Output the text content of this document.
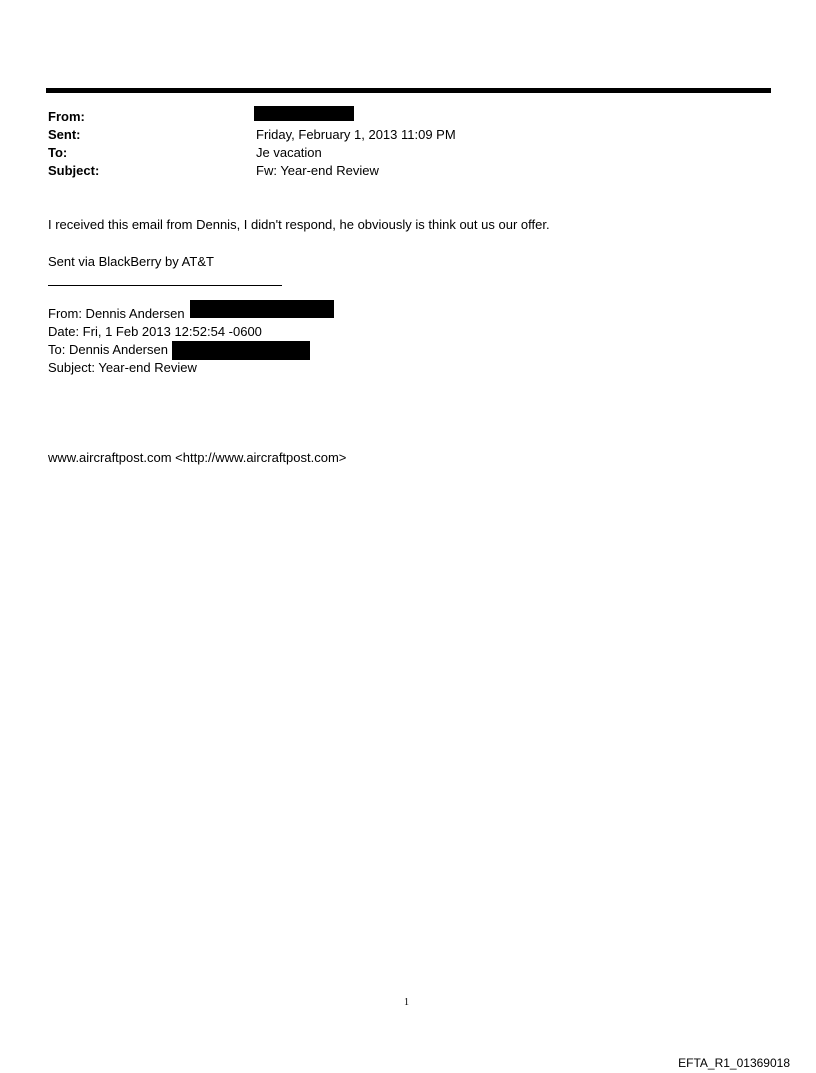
From:
Sent:	Friday, February 1, 2013 11:09 PM
To:	Je vacation
Subject:	Fw: Year-end Review
I received this email from Dennis, I didn't respond, he obviously is think out us our offer.
Sent via BlackBerry by AT&T
From: Dennis Andersen
Date: Fri, 1 Feb 2013 12:52:54 -0600
To: Dennis Andersen
Subject: Year-end Review
www.aircraftpost.com <http://www.aircraftpost.com>
1
EFTA_R1_01369018
